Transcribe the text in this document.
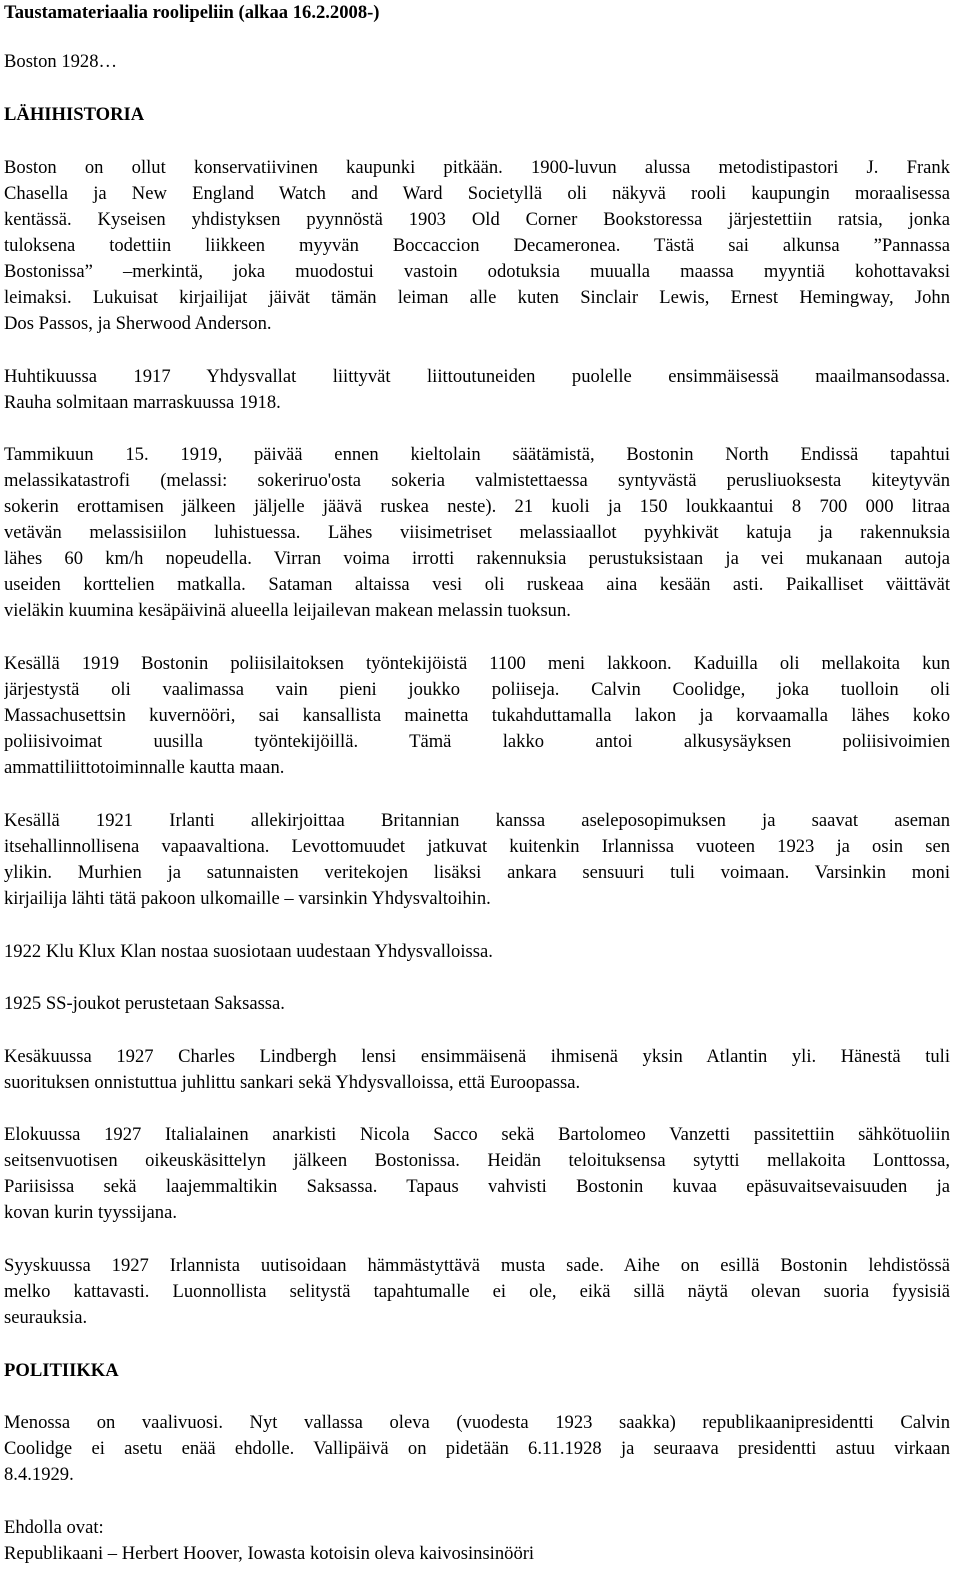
Taustamateriaalia roolipeliin (alkaa 16.2.2008-)
Boston 1928…
LÄHIHISTORIA
Boston on ollut konservatiivinen kaupunki pitkään. 1900-luvun alussa metodistipastori J. Frank
Chasella ja New England Watch and Ward Societyllä oli näkyvä rooli kaupungin moraalisessa
kentässä. Kyseisen yhdistyksen pyynnöstä 1903 Old Corner Bookstoressa järjestettiin ratsia, jonka
tuloksena todettiin liikkeen myyvän Boccaccion Decameronea. Tästä sai alkunsa ”Pannassa
Bostonissa” –merkintä, joka muodostui vastoin odotuksia muualla maassa myyntiä kohottavaksi
leimaksi. Lukuisat kirjailijat jäivät tämän leiman alle kuten Sinclair Lewis, Ernest Hemingway, John
Dos Passos, ja Sherwood Anderson.
Huhtikuussa 1917 Yhdysvallat liittyvät liittoutuneiden puolelle ensimmäisessä maailmansodassa.
Rauha solmitaan marraskuussa 1918.
Tammikuun 15. 1919, päivää ennen kieltolain säätämistä, Bostonin North Endissä tapahtui
melassikatastrofi (melassi: sokeriruo'osta sokeria valmistettaessa syntyvästä perusliuoksesta kiteytyvän
sokerin erottamisen jälkeen jäljelle jäävä ruskea neste). 21 kuoli ja 150 loukkaantui 8 700 000 litraa
vetävän melassisiilon luhistuessa. Lähes viisimetriset melassiaallot pyyhkivät katuja ja rakennuksia
lähes 60 km/h nopeudella. Virran voima irrotti rakennuksia perustuksistaan ja vei mukanaan autoja
useiden korttelien matkalla. Sataman altaissa vesi oli ruskeaa aina kesään asti. Paikalliset väittävät
vieläkin kuumina kesäpäivinä alueella leijailevan makean melassin tuoksun.
Kesällä 1919 Bostonin poliisilaitoksen työntekijöistä 1100 meni lakkoon. Kaduilla oli mellakoita kun
järjestystä oli vaalimassa vain pieni joukko poliiseja. Calvin Coolidge, joka tuolloin oli
Massachusettsin kuvernööri, sai kansallista mainetta tukahduttamalla lakon ja korvaamalla lähes koko
poliisivoimat uusilla työntekijöillä. Tämä lakko antoi alkusysäyksen poliisivoimien
ammattiliittotoiminnalle kautta maan.
Kesällä 1921 Irlanti allekirjoittaa Britannian kanssa aseleposopimuksen ja saavat aseman
itsehallinnollisena vapaavaltiona. Levottomuudet jatkuvat kuitenkin Irlannissa vuoteen 1923 ja osin sen
ylikin. Murhien ja satunnaisten veritekojen lisäksi ankara sensuuri tuli voimaan. Varsinkin moni
kirjailija lähti tätä pakoon ulkomaille – varsinkin Yhdysvaltoihin.
1922 Klu Klux Klan nostaa suosiotaan uudestaan Yhdysvalloissa.
1925 SS-joukot perustetaan Saksassa.
Kesäkuussa 1927 Charles Lindbergh lensi ensimmäisenä ihmisenä yksin Atlantin yli. Hänestä tuli
suorituksen onnistuttua juhlittu sankari sekä Yhdysvalloissa, että Euroopassa.
Elokuussa 1927 Italialainen anarkisti Nicola Sacco sekä Bartolomeo Vanzetti passitettiin sähkötuoliin
seitsenvuotisen oikeuskäsittelyn jälkeen Bostonissa. Heidän teloituksensa sytytti mellakoita Lonttossa,
Pariisissa sekä laajemmaltikin Saksassa. Tapaus vahvisti Bostonin kuvaa epäsuvaitsevaisuuden ja
kovan kurin tyyssijana.
Syyskuussa 1927 Irlannista uutisoidaan hämmästyttävä musta sade. Aihe on esillä Bostonin lehdistössä
melko kattavasti. Luonnollista selitystä tapahtumalle ei ole, eikä sillä näytä olevan suoria fyysisiä
seurauksia.
POLITIIKKA
Menossa on vaalivuosi. Nyt vallassa oleva (vuodesta 1923 saakka) republikaanipresidentti Calvin
Coolidge ei asetu enää ehdolle. Vallipäivä on pidetään 6.11.1928 ja seuraava presidentti astuu virkaan
8.4.1929.
Ehdolla ovat:
Republikaani – Herbert Hoover, Iowasta kotoisin oleva kaivosinsinööri
